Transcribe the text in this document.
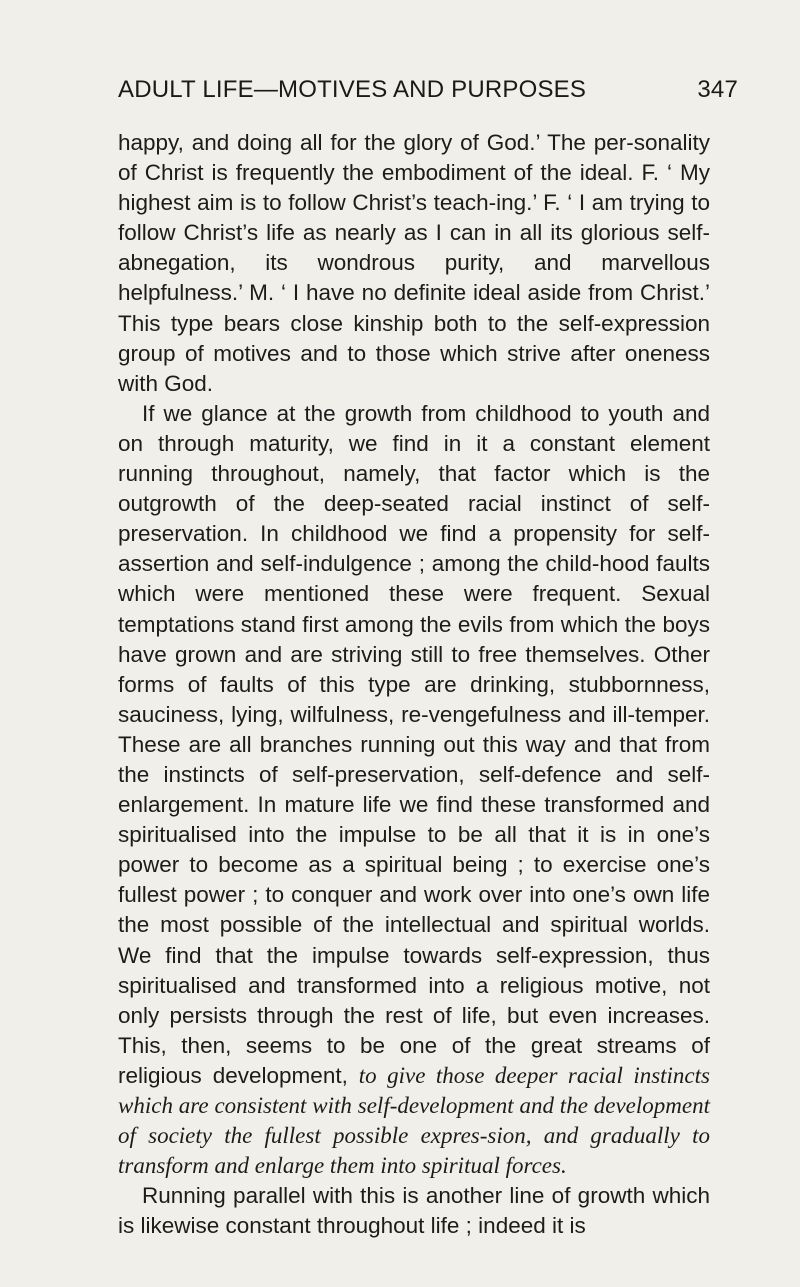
ADULT LIFE—MOTIVES AND PURPOSES	347

happy, and doing all for the glory of God.’ The per-sonality of Christ is frequently the embodiment of the ideal. F. ‘ My highest aim is to follow Christ’s teach-ing.’ F. ‘ I am trying to follow Christ’s life as nearly as I can in all its glorious self-abnegation, its wondrous purity, and marvellous helpfulness.’ M. ‘ I have no definite ideal aside from Christ.’ This type bears close kinship both to the self-expression group of motives and to those which strive after oneness with God.

If we glance at the growth from childhood to youth and on through maturity, we find in it a constant element running throughout, namely, that factor which is the outgrowth of the deep-seated racial instinct of self-preservation. In childhood we find a propensity for self-assertion and self-indulgence ; among the child-hood faults which were mentioned these were frequent. Sexual temptations stand first among the evils from which the boys have grown and are striving still to free themselves. Other forms of faults of this type are drinking, stubbornness, sauciness, lying, wilfulness, re-vengefulness and ill-temper. These are all branches running out this way and that from the instincts of self-preservation, self-defence and self-enlargement. In mature life we find these transformed and spiritualised into the impulse to be all that it is in one’s power to become as a spiritual being ; to exercise one’s fullest power ; to conquer and work over into one’s own life the most possible of the intellectual and spiritual worlds. We find that the impulse towards self-expression, thus spiritualised and transformed into a religious motive, not only persists through the rest of life, but even increases. This, then, seems to be one of the great streams of religious development, to give those deeper racial instincts which are consistent with self-development and the development of society the fullest possible expres-sion, and gradually to transform and enlarge them into spiritual forces.

Running parallel with this is another line of growth which is likewise constant throughout life ; indeed it is
